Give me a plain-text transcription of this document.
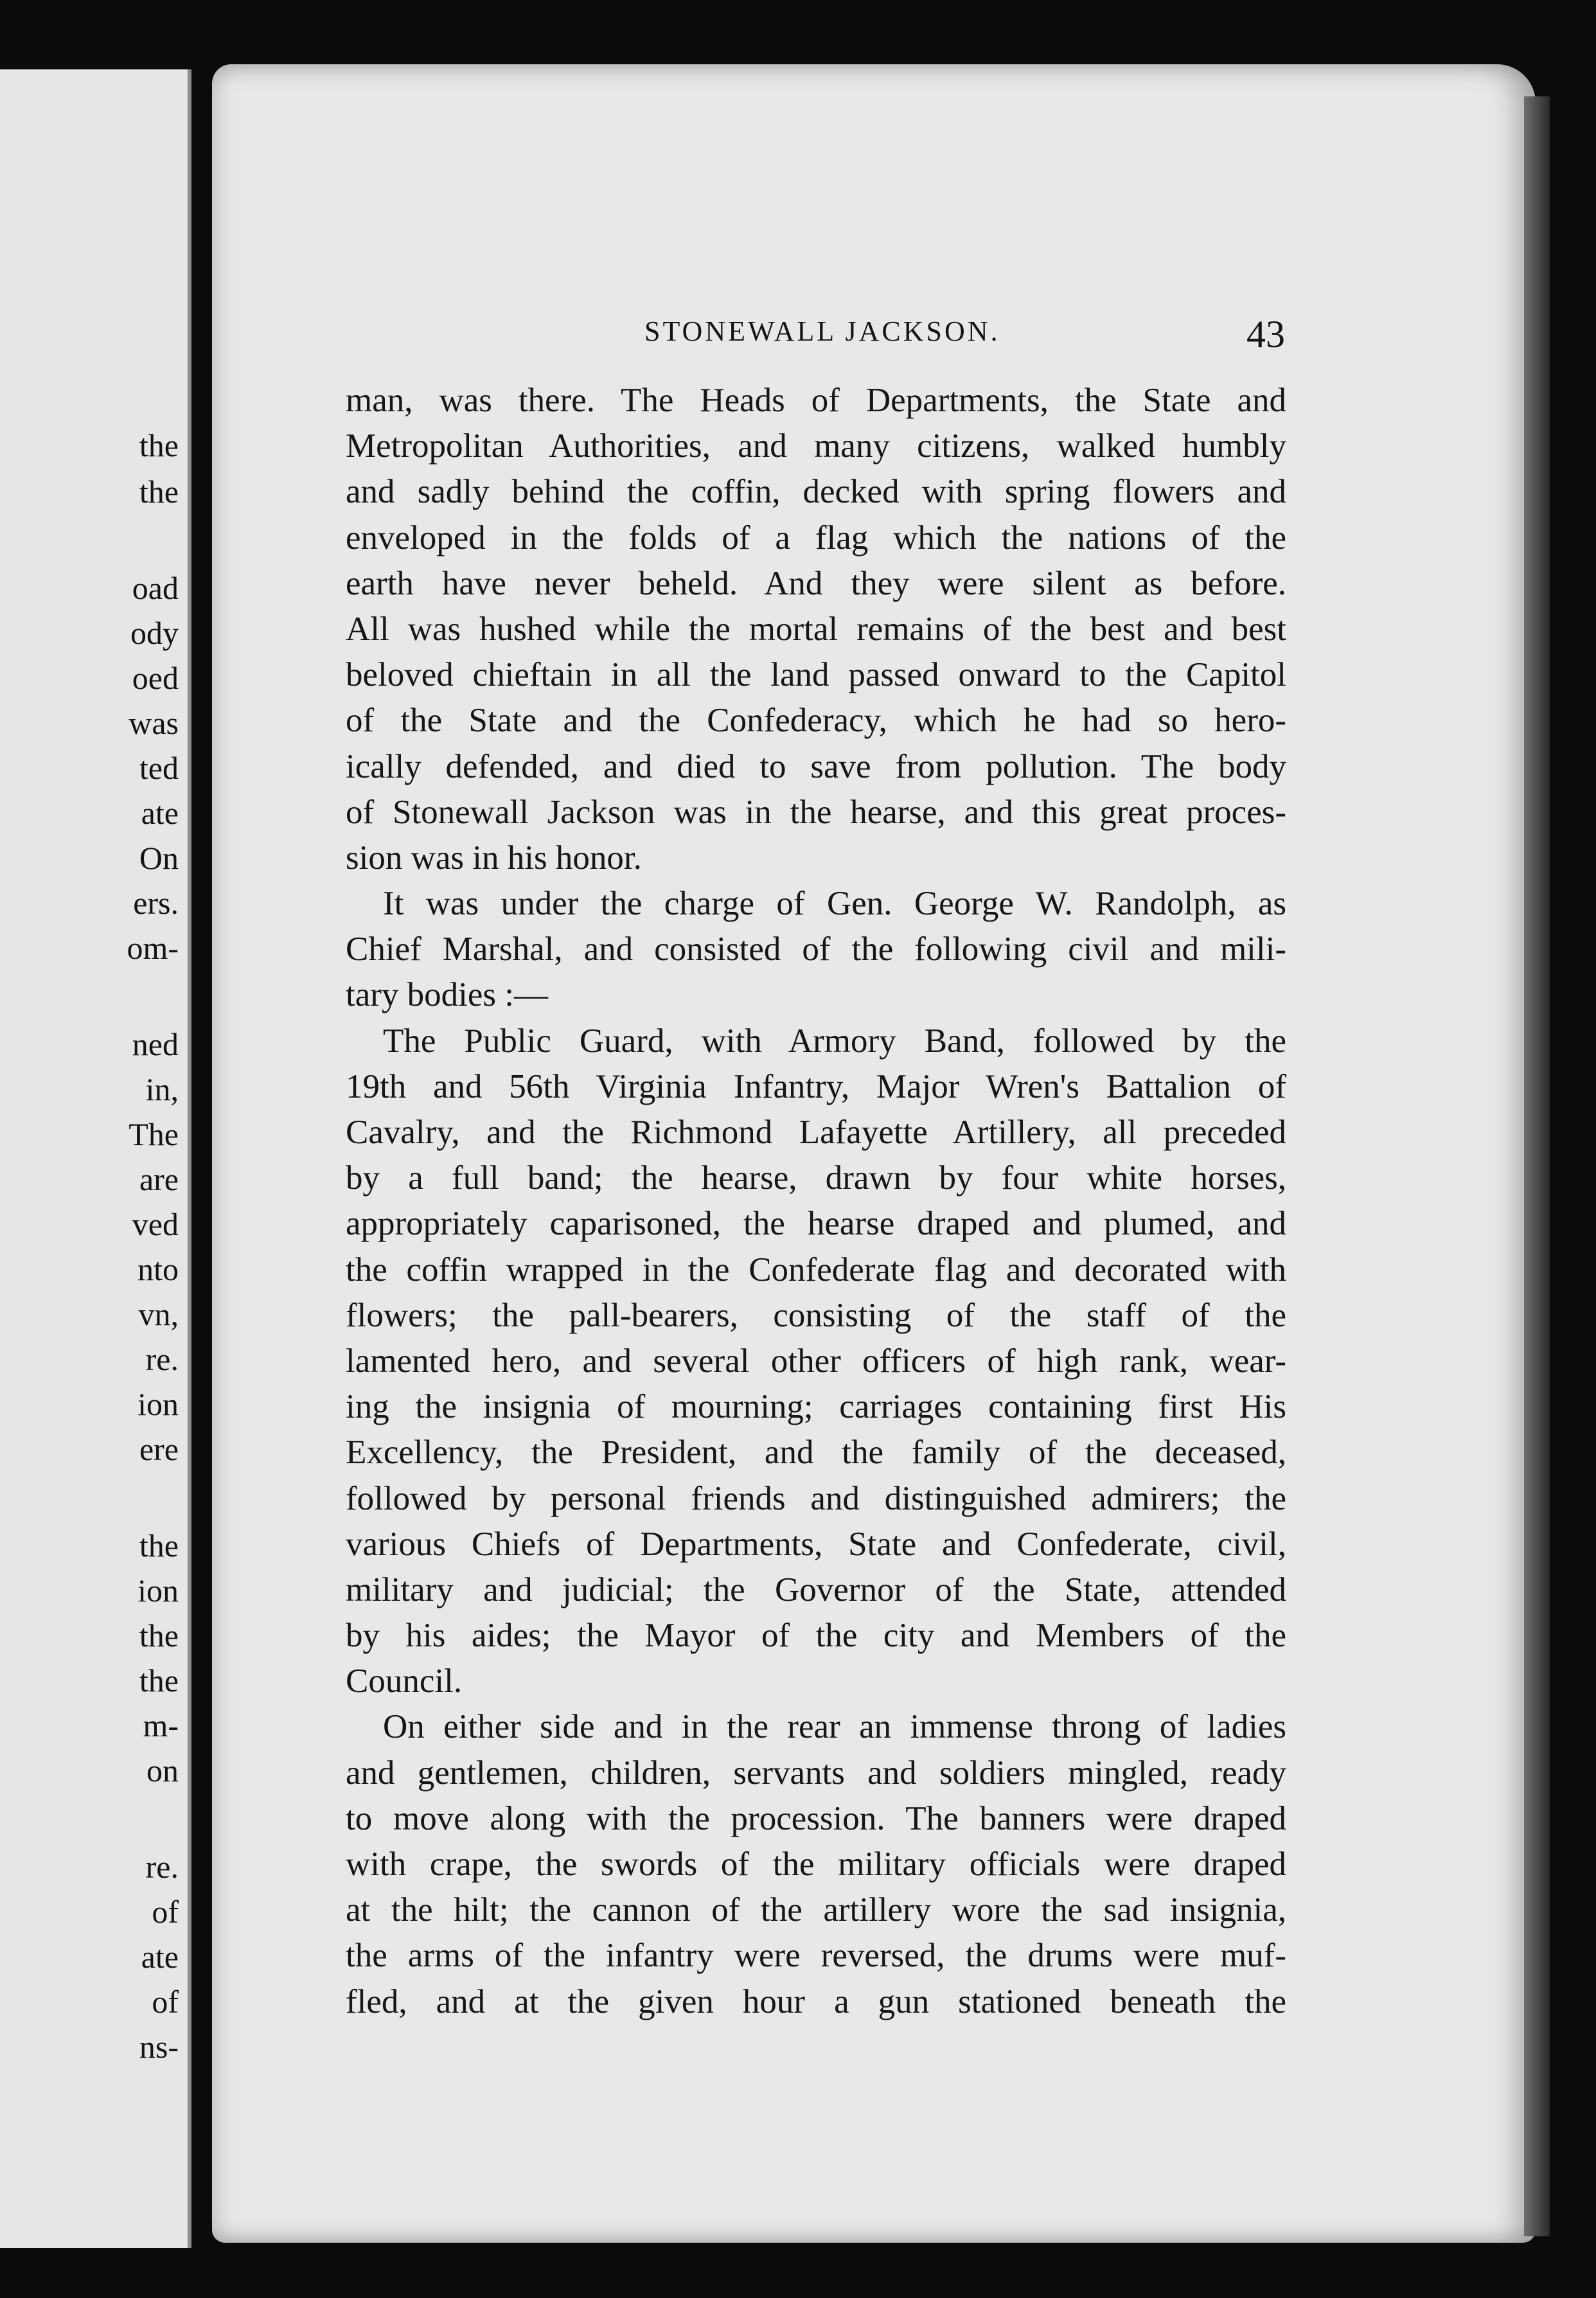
the
the
oad
ody
oed
was
ted
ate
On
ers.
om-
ned
in,
The
are
ved
nto
vn,
re.
ion
ere
the
ion
the
the
m-
on
re.
of
ate
of
ns-
STONEWALL JACKSON.	43
man, was there. The Heads of Departments, the State and
Metropolitan Authorities, and many citizens, walked humbly
and sadly behind the coffin, decked with spring flowers and
enveloped in the folds of a flag which the nations of the
earth have never beheld. And they were silent as before.
All was hushed while the mortal remains of the best and best
beloved chieftain in all the land passed onward to the Capitol
of the State and the Confederacy, which he had so hero-
ically defended, and died to save from pollution. The body
of Stonewall Jackson was in the hearse, and this great proces-
sion was in his honor.
It was under the charge of Gen. George W. Randolph, as
Chief Marshal, and consisted of the following civil and mili-
tary bodies :—
The Public Guard, with Armory Band, followed by the
19th and 56th Virginia Infantry, Major Wren's Battalion of
Cavalry, and the Richmond Lafayette Artillery, all preceded
by a full band; the hearse, drawn by four white horses,
appropriately caparisoned, the hearse draped and plumed, and
the coffin wrapped in the Confederate flag and decorated with
flowers; the pall-bearers, consisting of the staff of the
lamented hero, and several other officers of high rank, wear-
ing the insignia of mourning; carriages containing first His
Excellency, the President, and the family of the deceased,
followed by personal friends and distinguished admirers; the
various Chiefs of Departments, State and Confederate, civil,
military and judicial; the Governor of the State, attended
by his aides; the Mayor of the city and Members of the
Council.
On either side and in the rear an immense throng of ladies
and gentlemen, children, servants and soldiers mingled, ready
to move along with the procession. The banners were draped
with crape, the swords of the military officials were draped
at the hilt; the cannon of the artillery wore the sad insignia,
the arms of the infantry were reversed, the drums were muf-
fled, and at the given hour a gun stationed beneath the
